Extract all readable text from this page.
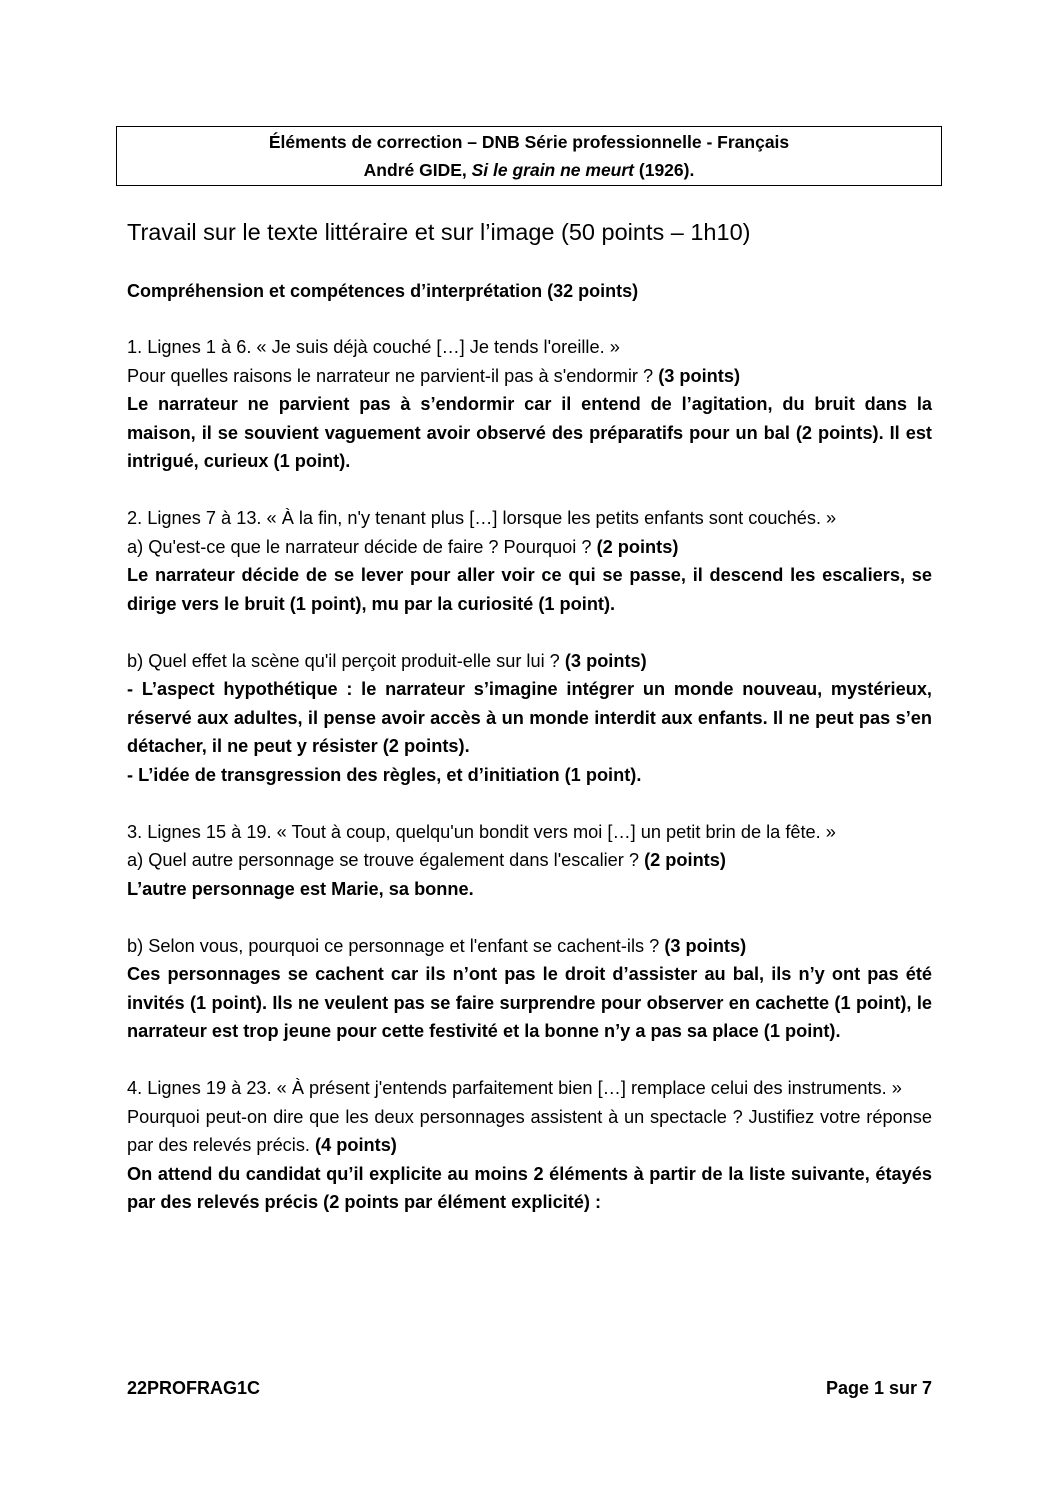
Éléments de correction – DNB Série professionnelle - Français
André GIDE, Si le grain ne meurt (1926).
Travail sur le texte littéraire et sur l’image (50 points – 1h10)
Compréhension et compétences d’interprétation (32 points)

1. Lignes 1 à 6. « Je suis déjà couché […] Je tends l'oreille. »

Pour quelles raisons le narrateur ne parvient-il pas à s'endormir ? (3 points)

Le narrateur ne parvient pas à s’endormir car il entend de l’agitation, du bruit dans la maison, il se souvient vaguement avoir observé des préparatifs pour un bal (2 points). Il est intrigué, curieux (1 point).

2. Lignes 7 à 13. « À la fin, n'y tenant plus […] lorsque les petits enfants sont couchés. »

a) Qu'est-ce que le narrateur décide de faire ? Pourquoi ? (2 points)

Le narrateur décide de se lever pour aller voir ce qui se passe, il descend les escaliers, se dirige vers le bruit (1 point), mu par la curiosité (1 point).

b) Quel effet la scène qu'il perçoit produit-elle sur lui ? (3 points)

- L’aspect hypothétique : le narrateur s’imagine intégrer un monde nouveau, mystérieux, réservé aux adultes, il pense avoir accès à un monde interdit aux enfants. Il ne peut pas s’en détacher, il ne peut y résister (2 points).

- L’idée de transgression des règles, et d’initiation (1 point).

3. Lignes 15 à 19. « Tout à coup, quelqu'un bondit vers moi […] un petit brin de la fête. »

a) Quel autre personnage se trouve également dans l'escalier ? (2 points)

L’autre personnage est Marie, sa bonne.

b) Selon vous, pourquoi ce personnage et l'enfant se cachent-ils ? (3 points)

Ces personnages se cachent car ils n’ont pas le droit d’assister au bal, ils n’y ont pas été invités (1 point). Ils ne veulent pas se faire surprendre pour observer en cachette (1 point), le narrateur est trop jeune pour cette festivité et la bonne n’y a pas sa place (1 point).

4. Lignes 19 à 23. « À présent j'entends parfaitement bien […] remplace celui des instruments. »

Pourquoi peut-on dire que les deux personnages assistent à un spectacle ? Justifiez votre réponse par des relevés précis. (4 points)

On attend du candidat qu’il explicite au moins 2 éléments à partir de la liste suivante, étayés par des relevés précis (2 points par élément explicité) :

22PROFRAG1C	Page 1 sur 7
